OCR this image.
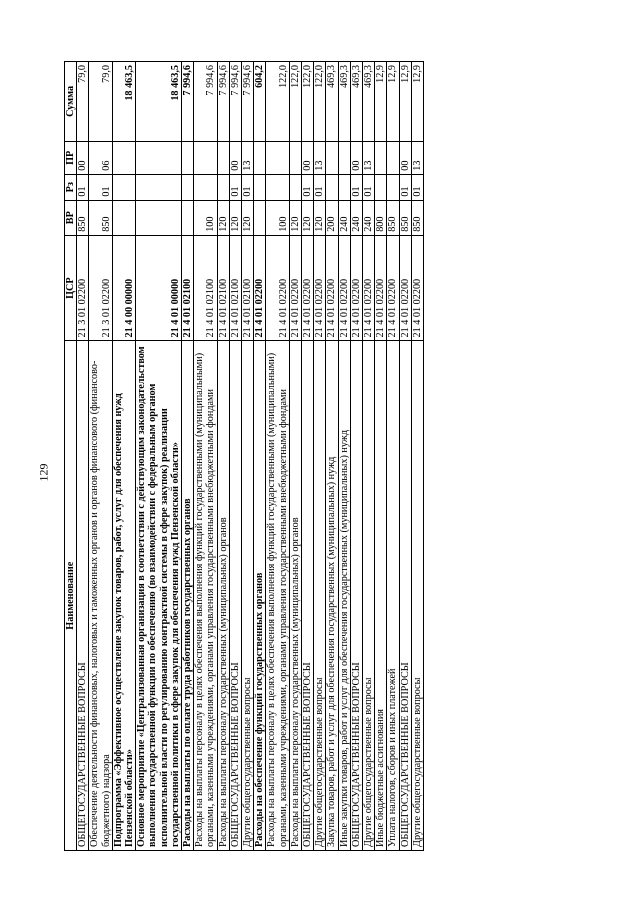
129
Наименование	ЦСР	ВР	Рз	ПР	Сумма
ОБЩЕГОСУДАРСТВЕННЫЕ ВОПРОСЫ	21 3 01 02200	850	01	00	79,0
Обеспечение деятельности финансовых, налоговых и таможенных органов и органов финансового (финансово-бюджетного) надзора	21 3 01 02200	850	01	06	79,0
Подпрограмма «Эффективное осуществление закупок товаров, работ, услуг для обеспечения нужд Пензенской области»	21 4 00 00000				18 463,5
Основное мероприятие «Централизованная организация в соответствии с действующим законодательством выполнения государственной функции по обеспечению (во взаимодействии с федеральным органом исполнительной власти по регулированию контрактной системы в сфере закупок) реализации государственной политики в сфере закупок для обеспечения нужд Пензенской области»	21 4 01 00000				18 463,5
Расходы на выплаты по оплате труда работников государственных органов	21 4 01 02100				7 994,6
Расходы на выплаты персоналу в целях обеспечения выполнения функций государственными (муниципальными) органами, казенными учреждениями, органами управления государственными внебюджетными фондами	21 4 01 02100	100			7 994,6
Расходы на выплаты персоналу государственных (муниципальных) органов	21 4 01 02100	120			7 994,6
ОБЩЕГОСУДАРСТВЕННЫЕ ВОПРОСЫ	21 4 01 02100	120	01	00	7 994,6
Другие общегосударственные вопросы	21 4 01 02100	120	01	13	7 994,6
Расходы на обеспечение функций государственных органов	21 4 01 02200				604,2
Расходы на выплаты персоналу в целях обеспечения выполнения функций государственными (муниципальными) органами, казенными учреждениями, органами управления государственными внебюджетными фондами	21 4 01 02200	100			122,0
Расходы на выплаты персоналу государственных (муниципальных) органов	21 4 01 02200	120			122,0
ОБЩЕГОСУДАРСТВЕННЫЕ ВОПРОСЫ	21 4 01 02200	120	01	00	122,0
Другие общегосударственные вопросы	21 4 01 02200	120	01	13	122,0
Закупка товаров, работ и услуг для обеспечения государственных (муниципальных) нужд	21 4 01 02200	200			469,3
Иные закупки товаров, работ и услуг для обеспечения государственных (муниципальных) нужд	21 4 01 02200	240			469,3
ОБЩЕГОСУДАРСТВЕННЫЕ ВОПРОСЫ	21 4 01 02200	240	01	00	469,3
Другие общегосударственные вопросы	21 4 01 02200	240	01	13	469,3
Иные бюджетные ассигнования	21 4 01 02200	800			12,9
Уплата налогов, сборов и иных платежей	21 4 01 02200	850			12,9
ОБЩЕГОСУДАРСТВЕННЫЕ ВОПРОСЫ	21 4 01 02200	850	01	00	12,9
Другие общегосударственные вопросы	21 4 01 02200	850	01	13	12,9
